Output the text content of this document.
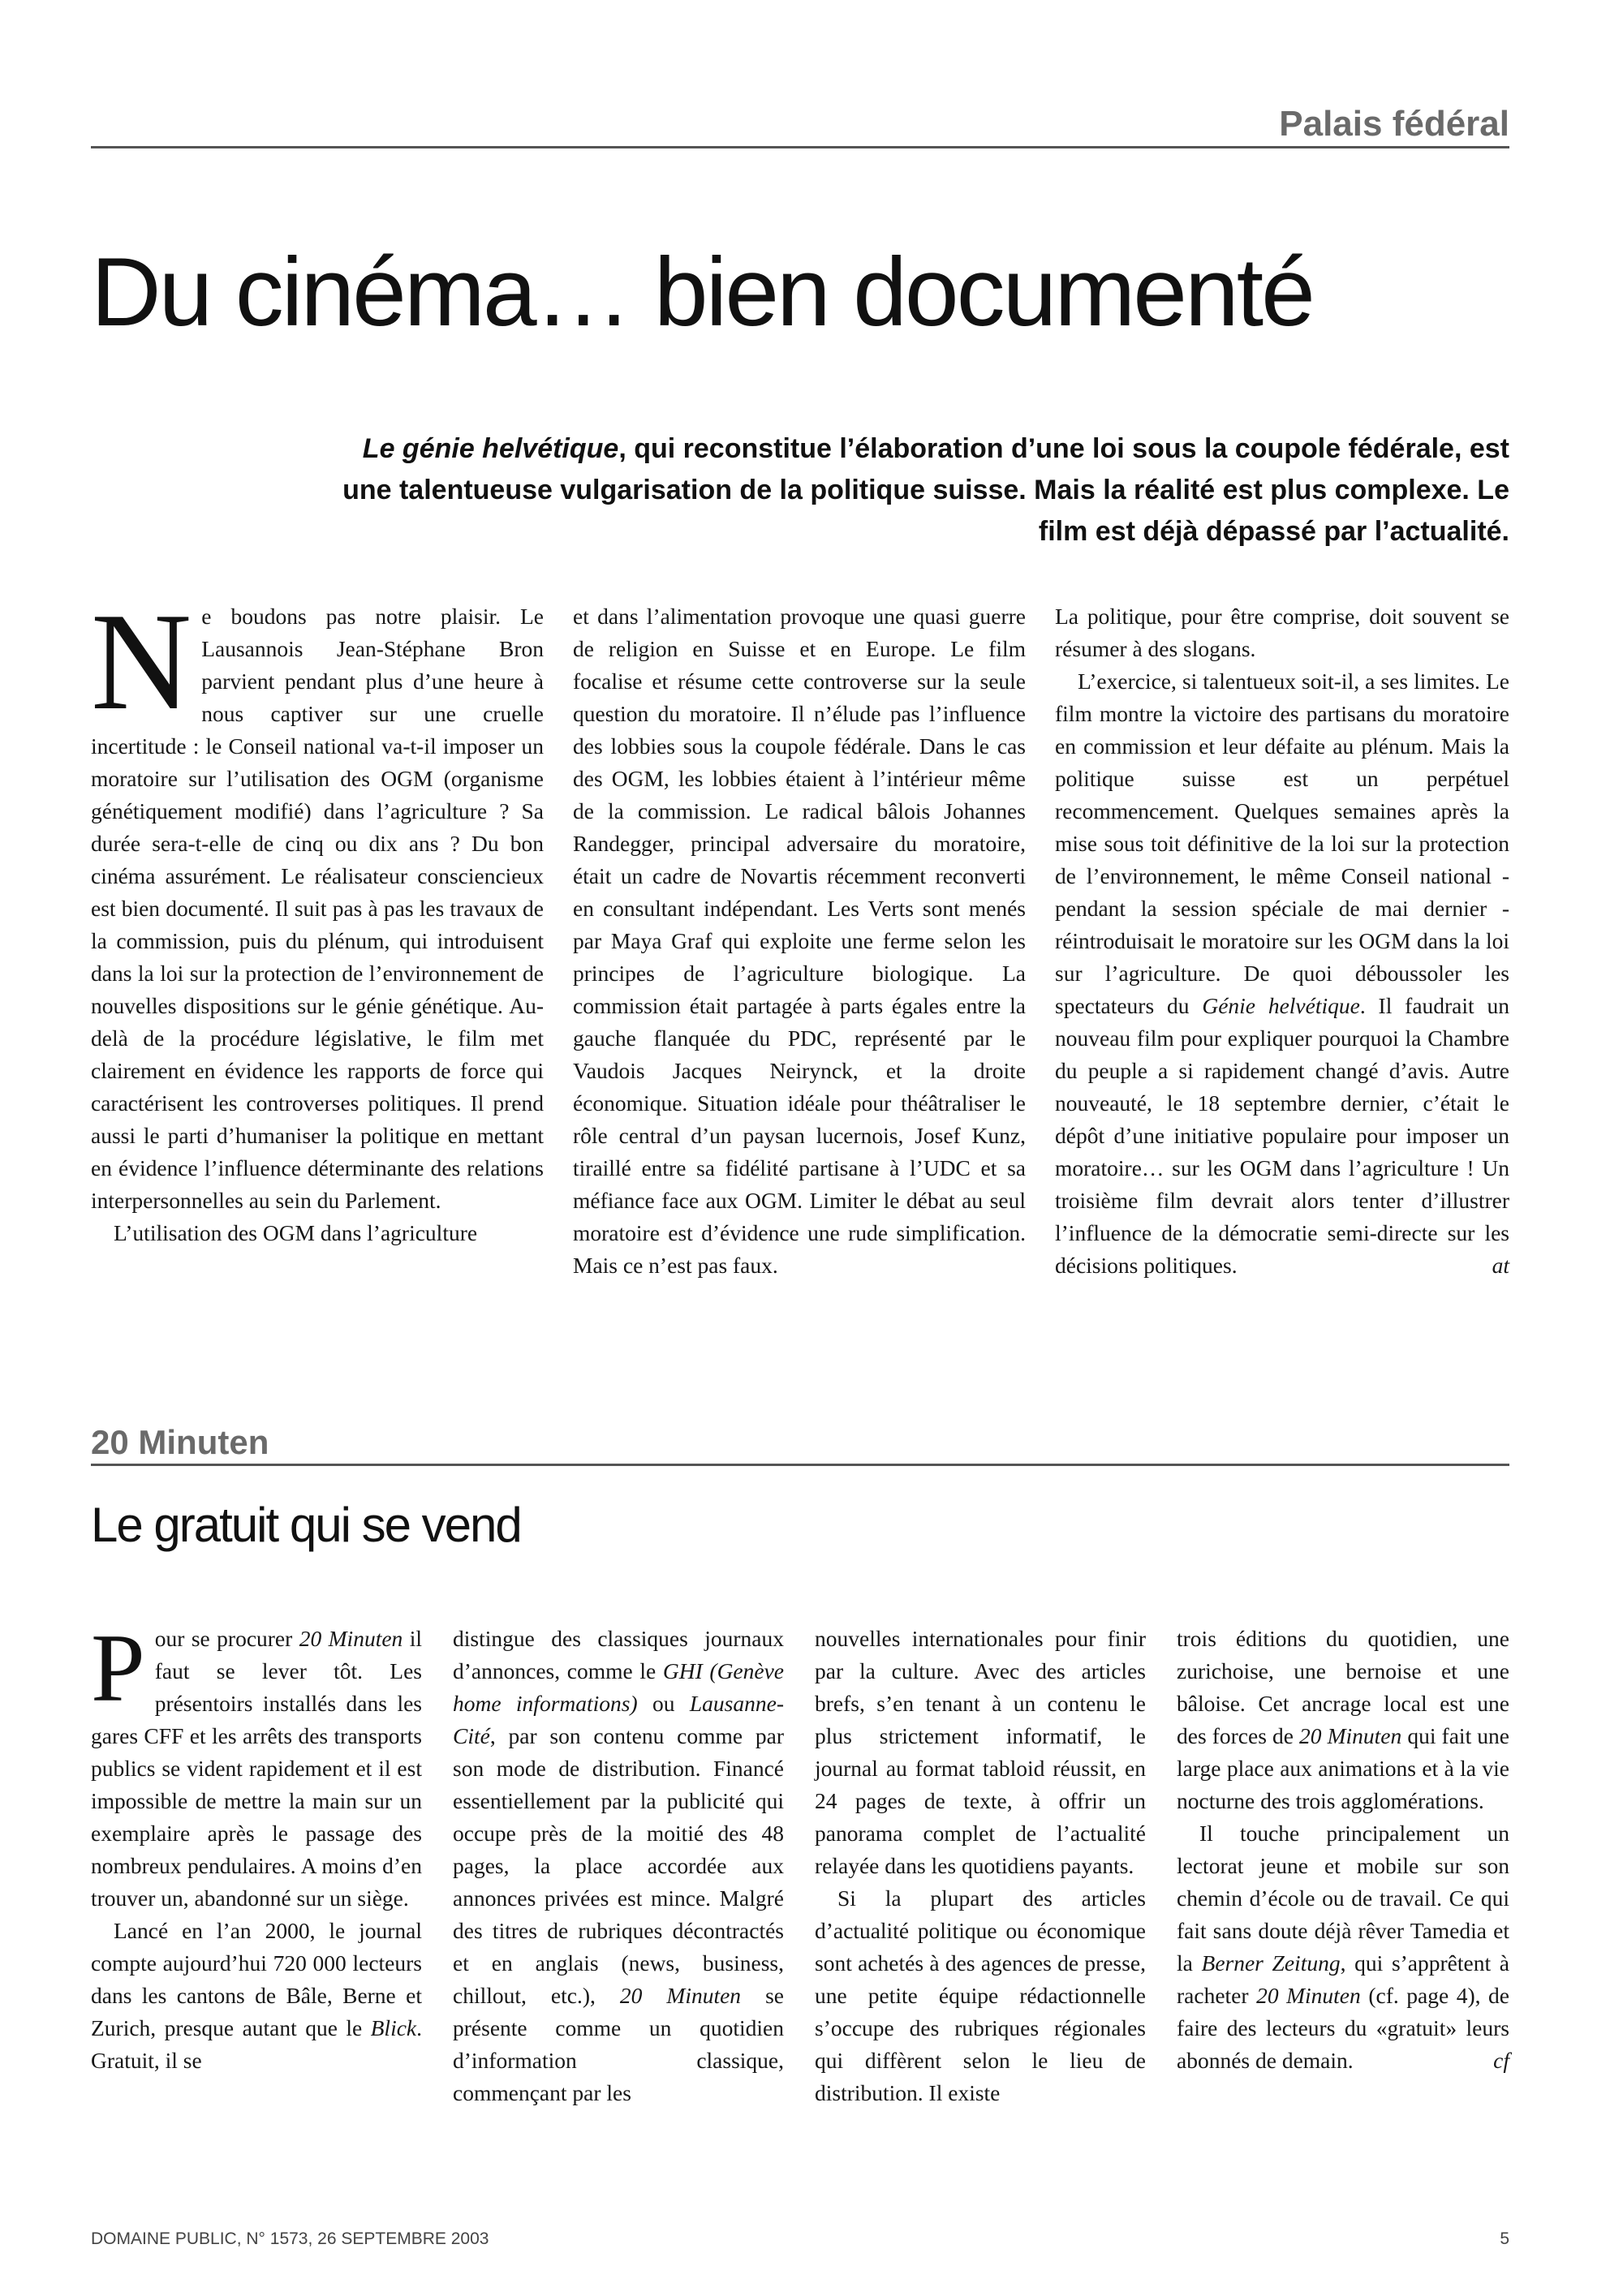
Palais fédéral
Du cinéma… bien documenté
Le génie helvétique, qui reconstitue l’élaboration d’une loi sous la coupole fédérale, est une talentueuse vulgarisation de la politique suisse. Mais la réalité est plus complexe. Le film est déjà dépassé par l’actualité.
N e boudons pas notre plaisir. Le Lausannois Jean-Stéphane Bron parvient pendant plus d’une heure à nous captiver sur une cruelle incertitude : le Conseil national va-t-il imposer un moratoire sur l’utilisation des OGM (organisme génétiquement modifié) dans l’agriculture ? Sa durée sera-t-elle de cinq ou dix ans ? Du bon cinéma assurément. Le réalisateur consciencieux est bien documenté. Il suit pas à pas les travaux de la commission, puis du plénum, qui introduisent dans la loi sur la protection de l’environnement de nouvelles dispositions sur le génie génétique. Au-delà de la procédure législative, le film met clairement en évidence les rapports de force qui caractérisent les controverses politiques. Il prend aussi le parti d’humaniser la politique en mettant en évidence l’influence déterminante des relations interpersonnelles au sein du Parlement.

L’utilisation des OGM dans l’agriculture

et dans l’alimentation provoque une quasi guerre de religion en Suisse et en Europe. Le film focalise et résume cette controverse sur la seule question du moratoire. Il n’élude pas l’influence des lobbies sous la coupole fédérale. Dans le cas des OGM, les lobbies étaient à l’intérieur même de la commission. Le radical bâlois Johannes Randegger, principal adversaire du moratoire, était un cadre de Novartis récemment reconverti en consultant indépendant. Les Verts sont menés par Maya Graf qui exploite une ferme selon les principes de l’agriculture biologique. La commission était partagée à parts égales entre la gauche flanquée du PDC, représenté par le Vaudois Jacques Neirynck, et la droite économique. Situation idéale pour théâtraliser le rôle central d’un paysan lucernois, Josef Kunz, tiraillé entre sa fidélité partisane à l’UDC et sa méfiance face aux OGM. Limiter le débat au seul moratoire est d’évidence une rude simplification. Mais ce n’est pas faux.

La politique, pour être comprise, doit souvent se résumer à des slogans.

L’exercice, si talentueux soit-il, a ses limites. Le film montre la victoire des partisans du moratoire en commission et leur défaite au plénum. Mais la politique suisse est un perpétuel recommencement. Quelques semaines après la mise sous toit définitive de la loi sur la protection de l’environnement, le même Conseil national - pendant la session spéciale de mai dernier - réintroduisait le moratoire sur les OGM dans la loi sur l’agriculture. De quoi déboussoler les spectateurs du Génie helvétique. Il faudrait un nouveau film pour expliquer pourquoi la Chambre du peuple a si rapidement changé d’avis. Autre nouveauté, le 18 septembre dernier, c’était le dépôt d’une initiative populaire pour imposer un moratoire… sur les OGM dans l’agriculture ! Un troisième film devrait alors tenter d’illustrer l’influence de la démocratie semi-directe sur les décisions politiques.	at

20 Minuten
Le gratuit qui se vend
P our se procurer 20 Minuten il faut se lever tôt. Les présentoirs installés dans les gares CFF et les arrêts des transports publics se vident rapidement et il est impossible de mettre la main sur un exemplaire après le passage des nombreux pendulaires. A moins d’en trouver un, abandonné sur un siège.

Lancé en l’an 2000, le journal compte aujourd’hui 720 000 lecteurs dans les cantons de Bâle, Berne et Zurich, presque autant que le Blick. Gratuit, il se

distingue des classiques journaux d’annonces, comme le GHI (Genève home informations) ou Lausanne-Cité, par son contenu comme par son mode de distribution. Financé essentiellement par la publicité qui occupe près de la moitié des 48 pages, la place accordée aux annonces privées est mince. Malgré des titres de rubriques décontractés et en anglais (news, business, chillout, etc.), 20 Minuten se présente comme un quotidien d’information classique, commençant par les

nouvelles internationales pour finir par la culture. Avec des articles brefs, s’en tenant à un contenu le plus strictement informatif, le journal au format tabloid réussit, en 24 pages de texte, à offrir un panorama complet de l’actualité relayée dans les quotidiens payants.

Si la plupart des articles d’actualité politique ou économique sont achetés à des agences de presse, une petite équipe rédactionnelle s’occupe des rubriques régionales qui diffèrent selon le lieu de distribution. Il existe

trois éditions du quotidien, une zurichoise, une bernoise et une bâloise. Cet ancrage local est une des forces de 20 Minuten qui fait une large place aux animations et à la vie nocturne des trois agglomérations.

Il touche principalement un lectorat jeune et mobile sur son chemin d’école ou de travail. Ce qui fait sans doute déjà rêver Tamedia et la Berner Zeitung, qui s’apprêtent à racheter 20 Minuten (cf. page 4), de faire des lecteurs du «gratuit» leurs abonnés de demain.	cf

DOMAINE PUBLIC, N° 1573, 26 SEPTEMBRE 2003	5
